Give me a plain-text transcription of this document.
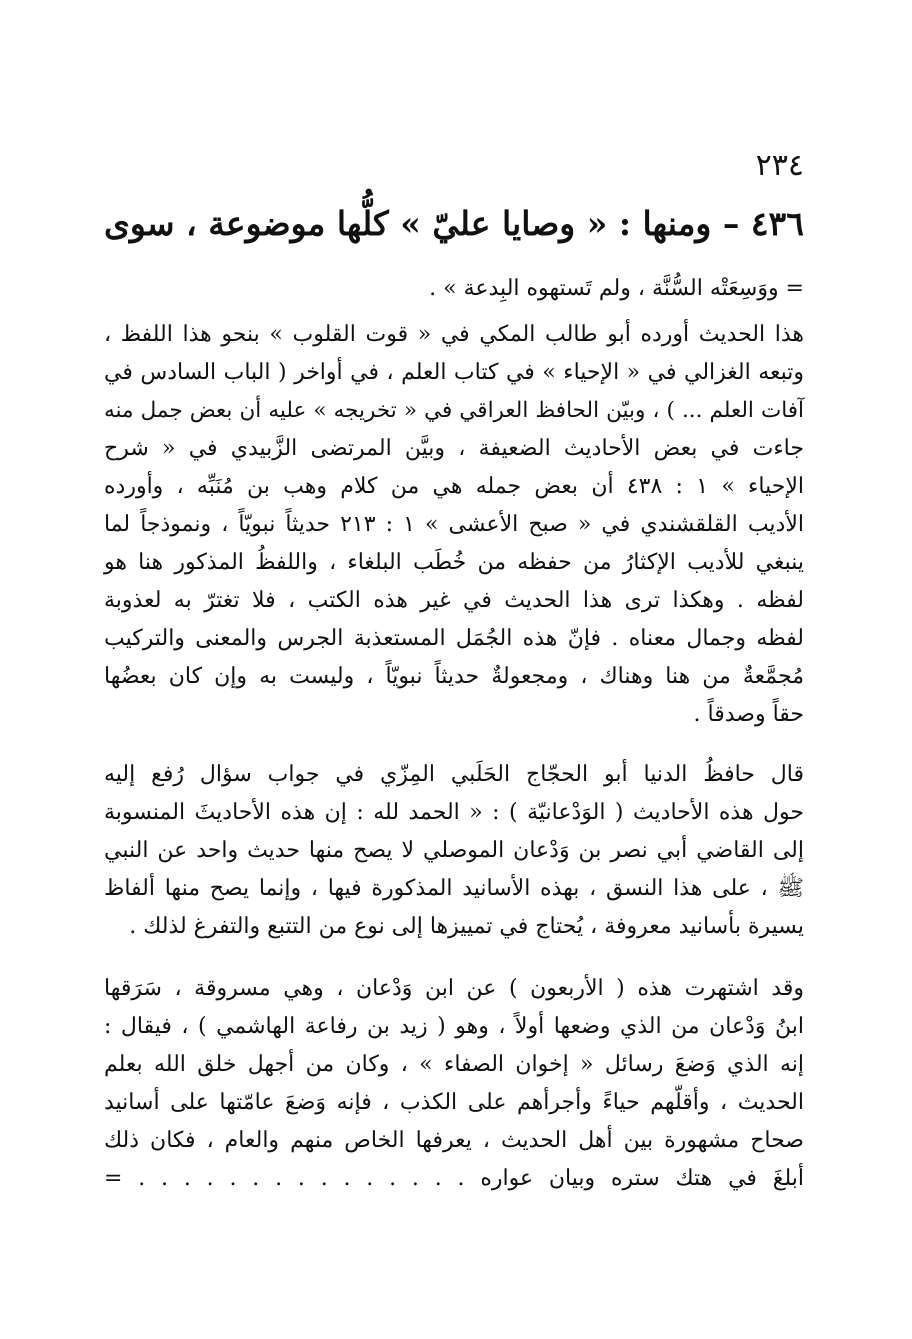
٢٣٤
٤٣٦ – ومنها : « وصايا عليّ » كلُّها موضوعة ، سوى
= ووَسِعَتْه السُّنَّة ، ولم تَستهوه البِدعة » .
هذا الحديث أورده أبو طالب المكي في « قوت القلوب » بنحو هذا اللفظ ،
وتبعه الغزالي في « الإحياء » في كتاب العلم ، في أواخر ( الباب السادس في
آفات العلم ... ) ، وبيّن الحافظ العراقي في « تخريجه » عليه أن بعض جمل منه
جاءت في بعض الأحاديث الضعيفة ، وبيَّن المرتضى الزَّبيدي في « شرح
الإحياء » ١ : ٤٣٨ أن بعض جمله هي من كلام وهب بن مُنَبِّه ، وأورده
الأديب القلقشندي في « صبح الأعشى » ١ : ٢١٣ حديثاً نبويّاً ، ونموذجاً لما
ينبغي للأديب الإكثارُ من حفظه من خُطَب البلغاء ، واللفظُ المذكور هنا هو
لفظه . وهكذا ترى هذا الحديث في غير هذه الكتب ، فلا تغترّ به لعذوبة
لفظه وجمال معناه . فإنّ هذه الجُمَل المستعذبة الجرس والمعنى والتركيب
مُجمَّعةٌ من هنا وهناك ، ومجعولةٌ حديثاً نبويّاً ، وليست به وإن كان بعضُها
حقاً وصدقاً .
قال حافظُ الدنيا أبو الحجّاج الحَلَبي المِزّي في جواب سؤال رُفع إليه
حول هذه الأحاديث ( الوَدْعانيّة ) : « الحمد لله : إن هذه الأحاديثَ المنسوبة
إلى القاضي أبي نصر بن وَدْعان الموصلي لا يصح منها حديث واحد عن النبي
ﷺ ، على هذا النسق ، بهذه الأسانيد المذكورة فيها ، وإنما يصح منها ألفاظ
يسيرة بأسانيد معروفة ، يُحتاج في تمييزها إلى نوع من التتبع والتفرغ لذلك .
وقد اشتهرت هذه ( الأربعون ) عن ابن وَدْعان ، وهي مسروقة ، سَرَقها
ابنُ وَدْعان من الذي وضعها أولاً ، وهو ( زيد بن رفاعة الهاشمي ) ، فيقال :
إنه الذي وَضعَ رسائل « إخوان الصفاء » ، وكان من أجهل خلق الله بعلم
الحديث ، وأقلّهم حياءً وأجرأهم على الكذب ، فإنه وَضعَ عامّتها على أسانيد
صحاح مشهورة بين أهل الحديث ، يعرفها الخاص منهم والعام ، فكان ذلك
أبلغَ في هتك ستره وبيان عواره . . . . . . . . . . . . . . . =
